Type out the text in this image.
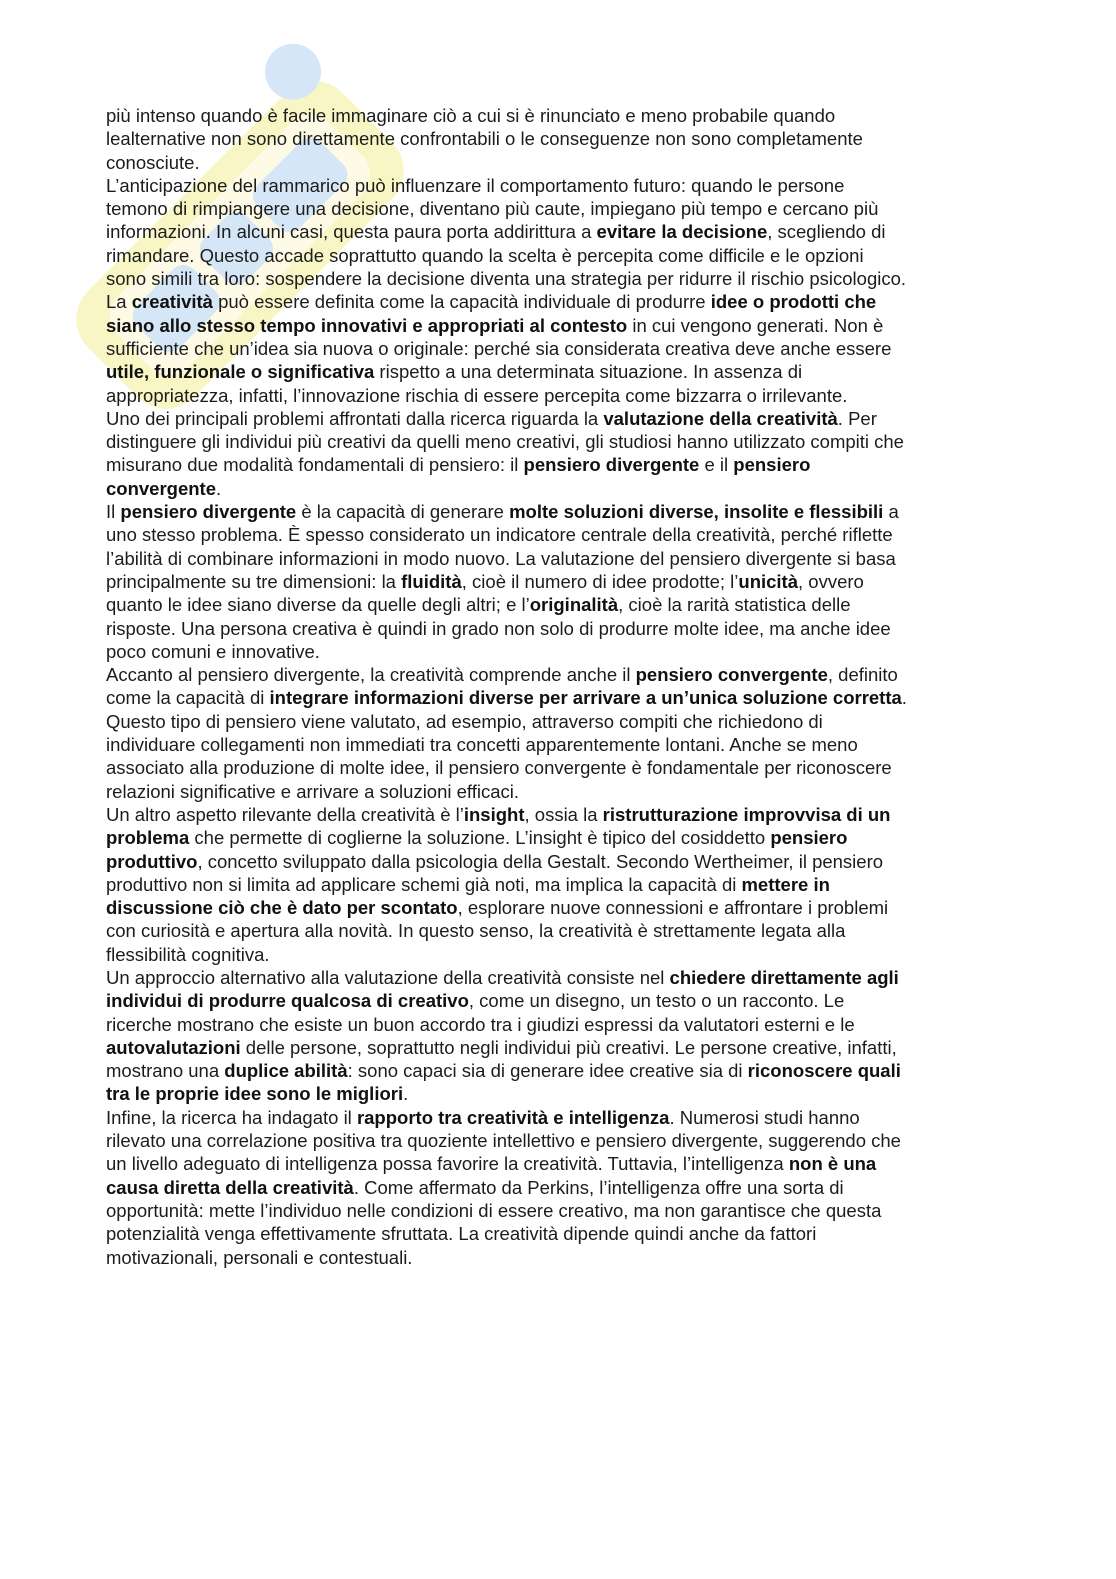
più intenso quando è facile immaginare ciò a cui si è rinunciato e meno probabile quando
lealternative non sono direttamente confrontabili o le conseguenze non sono completamente
conosciute.
L’anticipazione del rammarico può influenzare il comportamento futuro: quando le persone
temono di rimpiangere una decisione, diventano più caute, impiegano più tempo e cercano più
informazioni. In alcuni casi, questa paura porta addirittura a evitare la decisione, scegliendo di
rimandare. Questo accade soprattutto quando la scelta è percepita come difficile e le opzioni
sono simili tra loro: sospendere la decisione diventa una strategia per ridurre il rischio psicologico.
La creatività può essere definita come la capacità individuale di produrre idee o prodotti che
siano allo stesso tempo innovativi e appropriati al contesto in cui vengono generati. Non è
sufficiente che un’idea sia nuova o originale: perché sia considerata creativa deve anche essere
utile, funzionale o significativa rispetto a una determinata situazione. In assenza di
appropriatezza, infatti, l’innovazione rischia di essere percepita come bizzarra o irrilevante.
Uno dei principali problemi affrontati dalla ricerca riguarda la valutazione della creatività. Per
distinguere gli individui più creativi da quelli meno creativi, gli studiosi hanno utilizzato compiti che
misurano due modalità fondamentali di pensiero: il pensiero divergente e il pensiero
convergente.
Il pensiero divergente è la capacità di generare molte soluzioni diverse, insolite e flessibili a
uno stesso problema. È spesso considerato un indicatore centrale della creatività, perché riflette
l’abilità di combinare informazioni in modo nuovo. La valutazione del pensiero divergente si basa
principalmente su tre dimensioni: la fluidità, cioè il numero di idee prodotte; l’unicità, ovvero
quanto le idee siano diverse da quelle degli altri; e l’originalità, cioè la rarità statistica delle
risposte. Una persona creativa è quindi in grado non solo di produrre molte idee, ma anche idee
poco comuni e innovative.
Accanto al pensiero divergente, la creatività comprende anche il pensiero convergente, definito
come la capacità di integrare informazioni diverse per arrivare a un’unica soluzione corretta.
Questo tipo di pensiero viene valutato, ad esempio, attraverso compiti che richiedono di
individuare collegamenti non immediati tra concetti apparentemente lontani. Anche se meno
associato alla produzione di molte idee, il pensiero convergente è fondamentale per riconoscere
relazioni significative e arrivare a soluzioni efficaci.
Un altro aspetto rilevante della creatività è l’insight, ossia la ristrutturazione improvvisa di un
problema che permette di coglierne la soluzione. L’insight è tipico del cosiddetto pensiero
produttivo, concetto sviluppato dalla psicologia della Gestalt. Secondo Wertheimer, il pensiero
produttivo non si limita ad applicare schemi già noti, ma implica la capacità di mettere in
discussione ciò che è dato per scontato, esplorare nuove connessioni e affrontare i problemi
con curiosità e apertura alla novità. In questo senso, la creatività è strettamente legata alla
flessibilità cognitiva.
Un approccio alternativo alla valutazione della creatività consiste nel chiedere direttamente agli
individui di produrre qualcosa di creativo, come un disegno, un testo o un racconto. Le
ricerche mostrano che esiste un buon accordo tra i giudizi espressi da valutatori esterni e le
autovalutazioni delle persone, soprattutto negli individui più creativi. Le persone creative, infatti,
mostrano una duplice abilità: sono capaci sia di generare idee creative sia di riconoscere quali
tra le proprie idee sono le migliori.
Infine, la ricerca ha indagato il rapporto tra creatività e intelligenza. Numerosi studi hanno
rilevato una correlazione positiva tra quoziente intellettivo e pensiero divergente, suggerendo che
un livello adeguato di intelligenza possa favorire la creatività. Tuttavia, l’intelligenza non è una
causa diretta della creatività. Come affermato da Perkins, l’intelligenza offre una sorta di
opportunità: mette l’individuo nelle condizioni di essere creativo, ma non garantisce che questa
potenzialità venga effettivamente sfruttata. La creatività dipende quindi anche da fattori
motivazionali, personali e contestuali.
